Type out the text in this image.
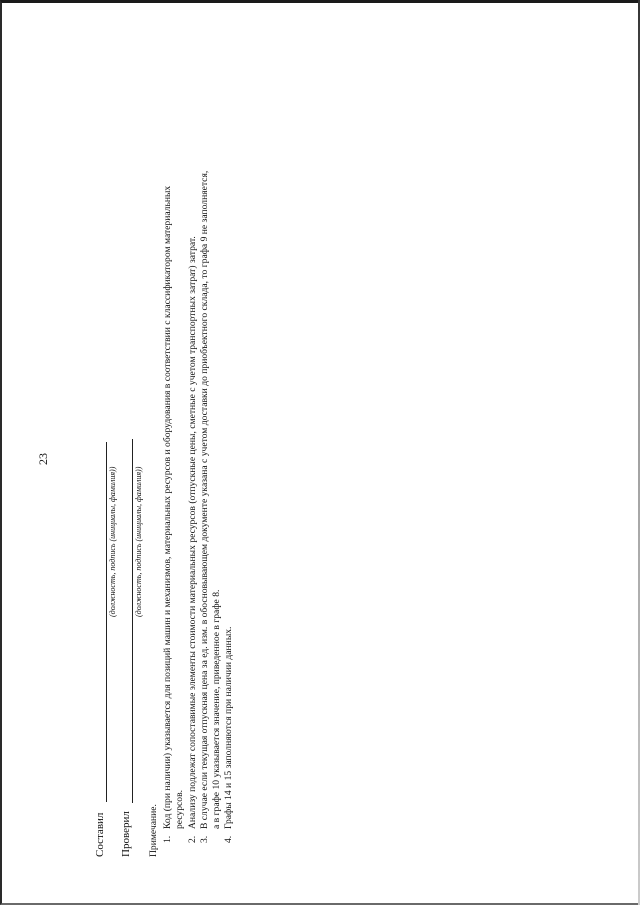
23
Составил
(должность, подпись (инициалы, фамилия))
Проверил
(должность, подпись (инициалы, фамилия))
Примечание. 1.
Код (при наличии) указывается для позиций машин и механизмов, материальных ресурсов и оборудования в соответствии с классификатором материальных ресурсов.
2.
Анализу подлежат сопоставимые элементы стоимости материальных ресурсов (отпускные цены, сметные с учетом транспортных затрат) затрат.
3.
В случае если текущая отпускная цена за ед. изм. в обосновывающем документе указана с учетом доставки до приобъектного склада, то графа 9 не заполняется, а в графе 10 указывается значение, приведенное в графе 8.
4.
Графы 14 и 15 заполняются при наличии данных.
